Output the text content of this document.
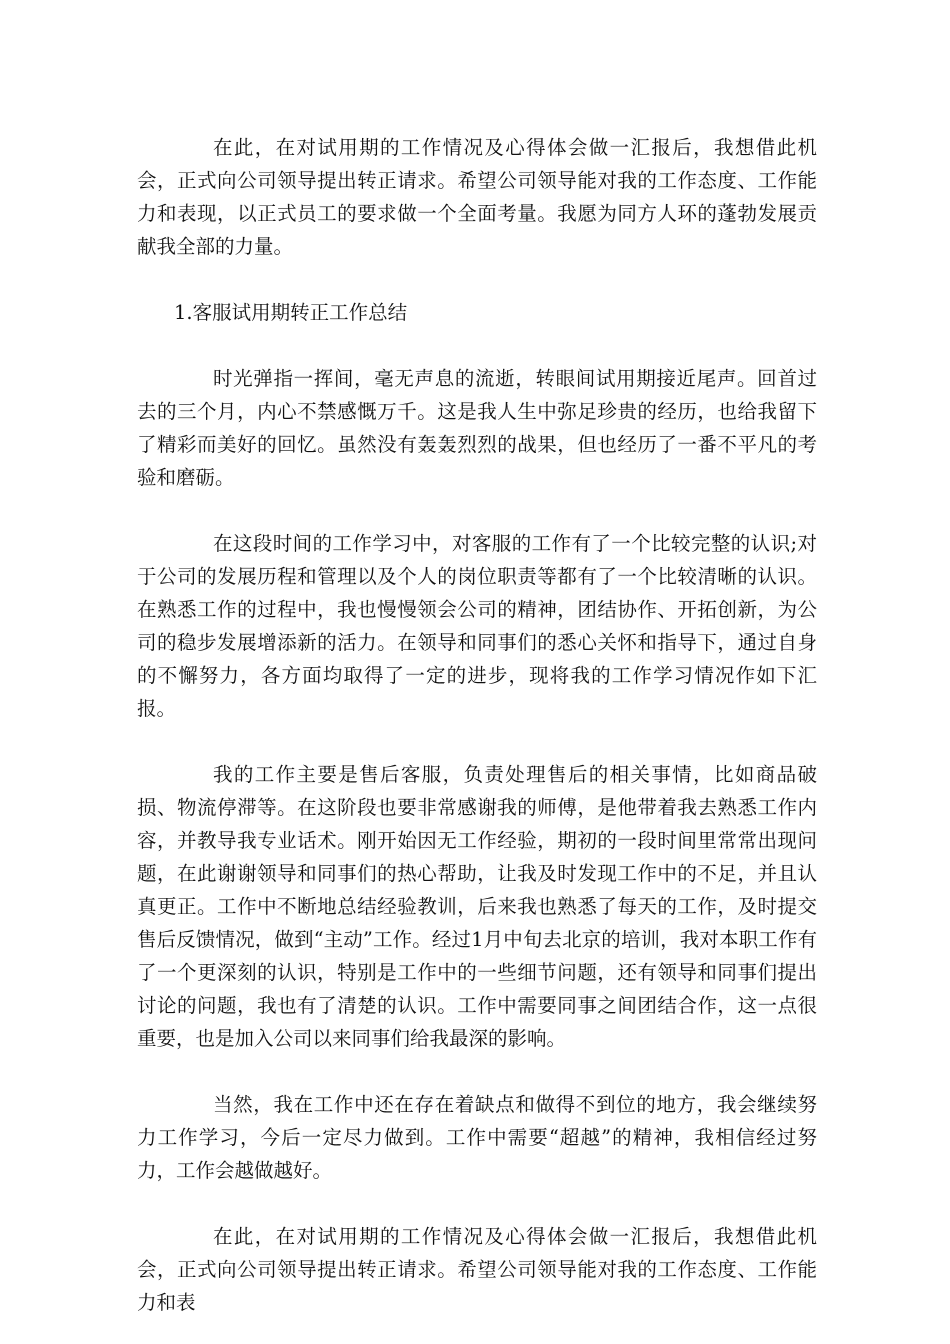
在此，在对试用期的工作情况及心得体会做一汇报后，我想借此机会，正式向公司领导提出转正请求。希望公司领导能对我的工作态度、工作能力和表现，以正式员工的要求做一个全面考量。我愿为同方人环的蓬勃发展贡献我全部的力量。

1.客服试用期转正工作总结

时光弹指一挥间，毫无声息的流逝，转眼间试用期接近尾声。回首过去的三个月，内心不禁感慨万千。这是我人生中弥足珍贵的经历，也给我留下了精彩而美好的回忆。虽然没有轰轰烈烈的战果，但也经历了一番不平凡的考验和磨砺。

在这段时间的工作学习中，对客服的工作有了一个比较完整的认识;对于公司的发展历程和管理以及个人的岗位职责等都有了一个比较清晰的认识。在熟悉工作的过程中，我也慢慢领会公司的精神，团结协作、开拓创新，为公司的稳步发展增添新的活力。在领导和同事们的悉心关怀和指导下，通过自身的不懈努力，各方面均取得了一定的进步，现将我的工作学习情况作如下汇报。

我的工作主要是售后客服，负责处理售后的相关事情，比如商品破损、物流停滞等。在这阶段也要非常感谢我的师傅，是他带着我去熟悉工作内容，并教导我专业话术。刚开始因无工作经验，期初的一段时间里常常出现问题，在此谢谢领导和同事们的热心帮助，让我及时发现工作中的不足，并且认真更正。工作中不断地总结经验教训，后来我也熟悉了每天的工作，及时提交售后反馈情况，做到“主动”工作。经过1月中旬去北京的培训，我对本职工作有了一个更深刻的认识，特别是工作中的一些细节问题，还有领导和同事们提出讨论的问题，我也有了清楚的认识。工作中需要同事之间团结合作，这一点很重要，也是加入公司以来同事们给我最深的影响。

当然，我在工作中还在存在着缺点和做得不到位的地方，我会继续努力工作学习，今后一定尽力做到。工作中需要“超越”的精神，我相信经过努力，工作会越做越好。

在此，在对试用期的工作情况及心得体会做一汇报后，我想借此机会，正式向公司领导提出转正请求。希望公司领导能对我的工作态度、工作能力和表
